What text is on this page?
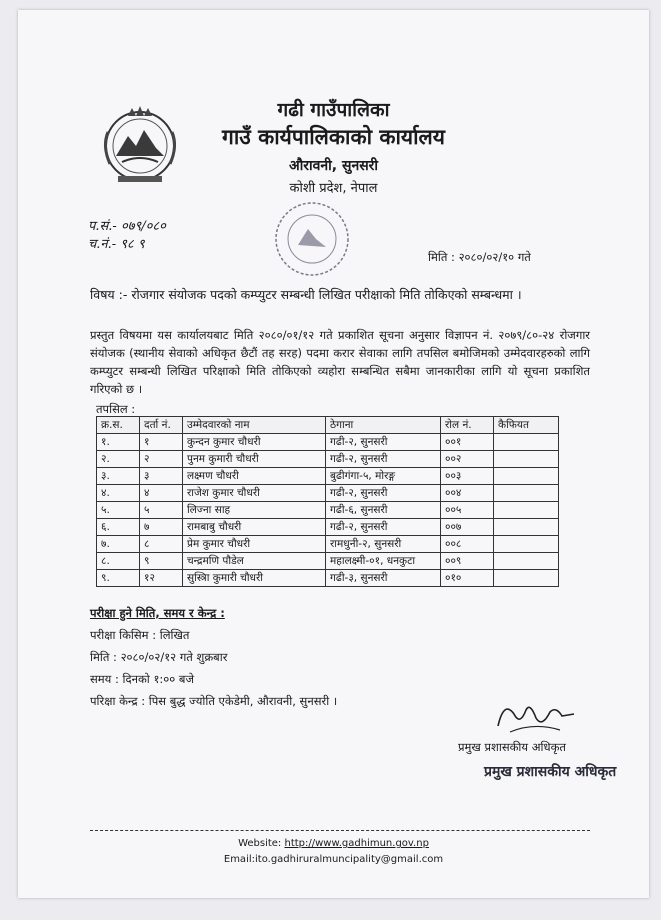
गढी गाउँपालिका
गाउँ कार्यपालिकाको कार्यालय
औरावनी, सुनसरी
कोशी प्रदेश, नेपाल
प.सं.- ०७९/०८०
च.नं.- ९८ ९
मिति : २०८०/०२/१० गते
विषय :- रोजगार संयोजक पदको कम्प्युटर सम्बन्धी लिखित परीक्षाको मिति तोकिएको सम्बन्धमा ।
प्रस्तुत विषयमा यस कार्यालयबाट मिति २०८०/०१/१२ गते प्रकाशित सूचना अनुसार विज्ञापन नं. २०७९/८०-२४ रोजगार संयोजक (स्थानीय सेवाको अधिकृत छैटौं तह सरह) पदमा करार सेवाका लागि तपसिल बमोजिमको उम्मेदवारहरुको लागि कम्प्युटर सम्बन्धी लिखित परिक्षाको मिति तोकिएको व्यहोरा सम्बन्धित सबैमा जानकारीका लागि यो सूचना प्रकाशित गरिएको छ ।
तपसिल :
क्र.स.	दर्ता नं.	उम्मेदवारको नाम	ठेगाना	रोल नं.	कैफियत
१.	१	कुन्दन कुमार चौधरी	गढी-२, सुनसरी	००१	
२.	२	पुनम कुमारी चौधरी	गढी-२, सुनसरी	००२	
३.	३	लक्ष्मण चौधरी	बुढीगंगा-५, मोरङ्ग	००३	
४.	४	राजेश कुमार चौधरी	गढी-२, सुनसरी	००४	
५.	५	लिज्ना साह	गढी-६, सुनसरी	००५	
६.	७	रामबाबु चौधरी	गढी-२, सुनसरी	००७	
७.	८	प्रेम कुमार चौधरी	रामधुनी-२, सुनसरी	००८	
८.	९	चन्द्रमणि पौडेल	महालक्ष्मी-०१, धनकुटा	००९	
९.	१२	सुस्त्रिा कुमारी चौधरी	गढी-३, सुनसरी	०१०	
परीक्षा हुने मिति, समय र केन्द्र :
परीक्षा किसिम : लिखित
मिति : २०८०/०२/१२ गते शुक्रबार
समय : दिनको १:०० बजे
परिक्षा केन्द्र : पिस बुद्ध ज्योति एकेडेमी, औरावनी, सुनसरी ।
प्रमुख प्रशासकीय अधिकृत
प्रमुख प्रशासकीय अधिकृत
Website: http://www.gadhimun.gov.np
Email:ito.gadhiruralmuncipality@gmail.com
